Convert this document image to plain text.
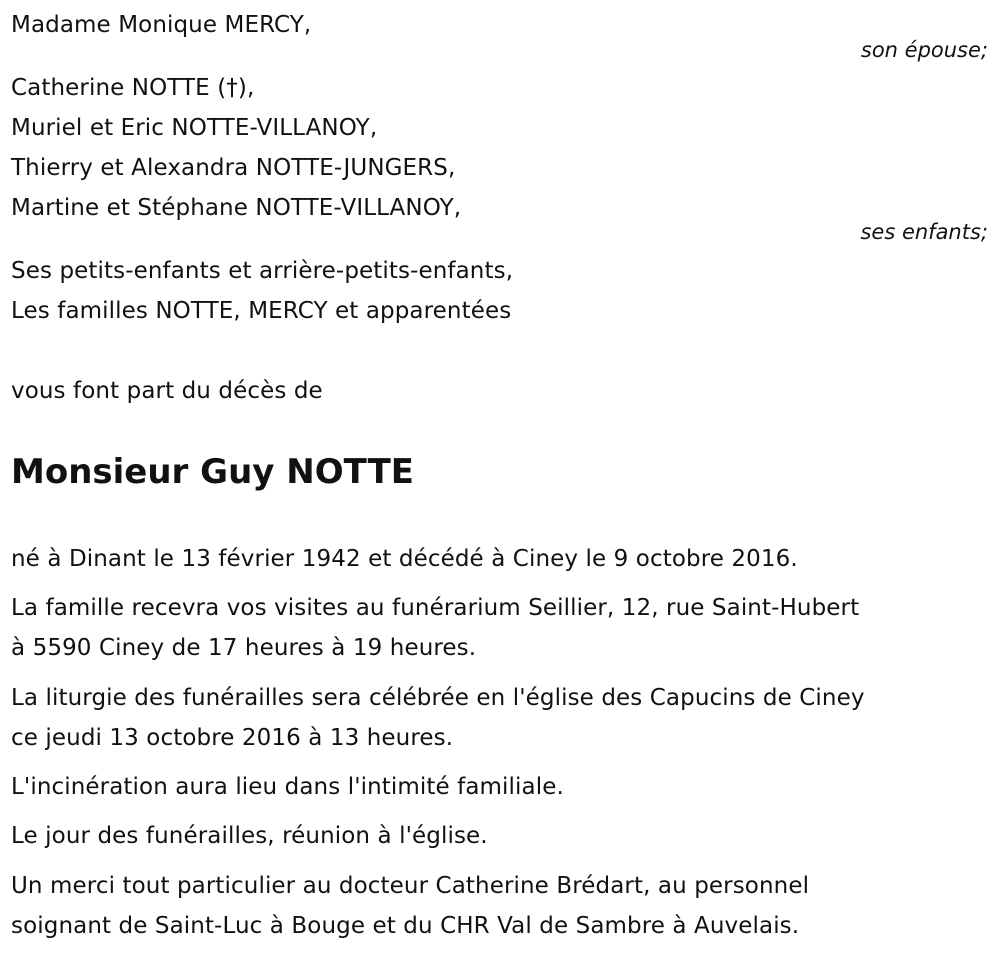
Madame Monique MERCY,
son épouse;
Catherine NOTTE (†),
Muriel et Eric NOTTE-VILLANOY,
Thierry et Alexandra NOTTE-JUNGERS,
Martine et Stéphane NOTTE-VILLANOY,
ses enfants;
Ses petits-enfants et arrière-petits-enfants,
Les familles NOTTE, MERCY et apparentées
vous font part du décès de
Monsieur Guy NOTTE
né à Dinant le 13 février 1942 et décédé à Ciney le 9 octobre 2016.
La famille recevra vos visites au funérarium Seillier, 12, rue Saint-Hubert
à 5590 Ciney de 17 heures à 19 heures.
La liturgie des funérailles sera célébrée en l'église des Capucins de Ciney
ce jeudi 13 octobre 2016 à 13 heures.
L'incinération aura lieu dans l'intimité familiale.
Le jour des funérailles, réunion à l'église.
Un merci tout particulier au docteur Catherine Brédart, au personnel
soignant de Saint-Luc à Bouge et du CHR Val de Sambre à Auvelais.
